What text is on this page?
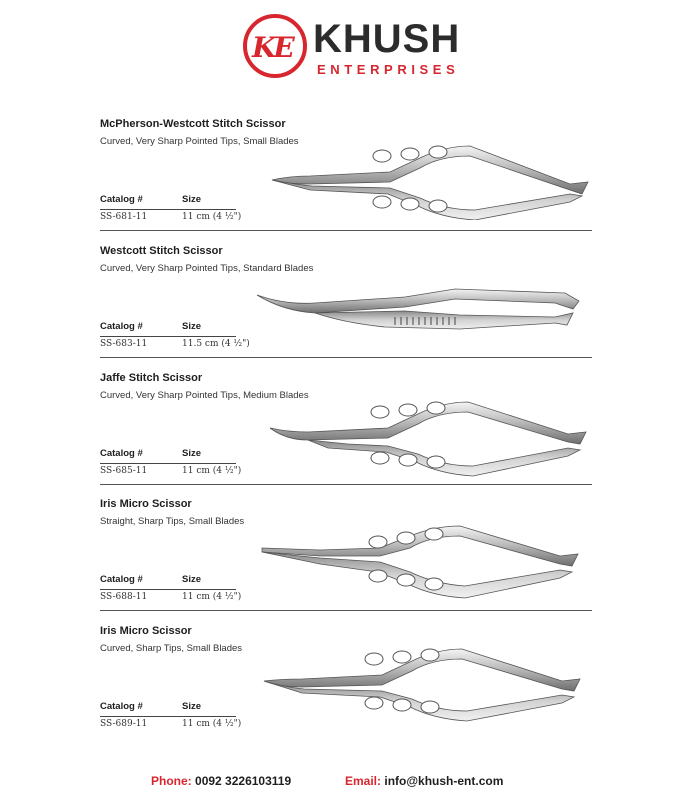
KE KHUSH
ENTERPRISES
McPherson-Westcott Stitch Scissor
Curved, Very Sharp Pointed Tips, Small Blades
Catalog #	Size
SS-681-11	11 cm (4 ½")
Westcott Stitch Scissor
Curved, Very Sharp Pointed Tips, Standard Blades
Catalog #	Size
SS-683-11	11.5 cm (4 ½")
Jaffe Stitch Scissor
Curved, Very Sharp Pointed Tips, Medium Blades
Catalog #	Size
SS-685-11	11 cm (4 ½")
Iris Micro Scissor
Straight, Sharp Tips, Small Blades
Catalog #	Size
SS-688-11	11 cm (4 ½")
Iris Micro Scissor
Curved, Sharp Tips, Small Blades
Catalog #	Size
SS-689-11	11 cm (4 ½")
Phone: 0092 3226103119	Email: info@khush-ent.com
